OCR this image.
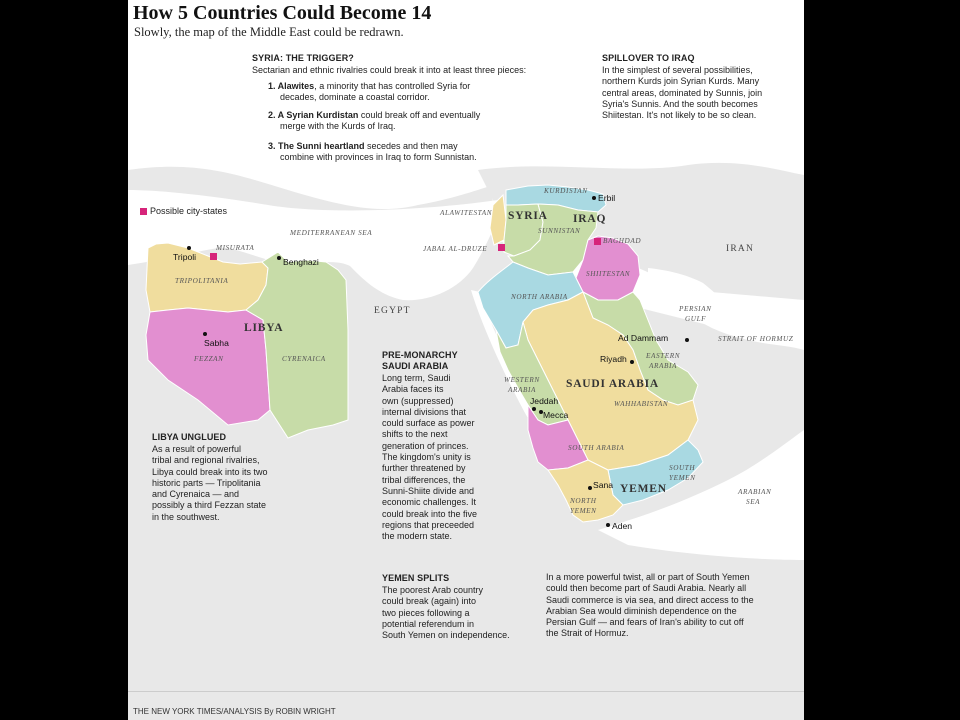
How 5 Countries Could Become 14
Slowly, the map of the Middle East could be redrawn.
SYRIA: THE TRIGGER?
Sectarian and ethnic rivalries could break it into at least three pieces:
1. Alawites, a minority that has controlled Syria for
decades, dominate a coastal corridor.
2. A Syrian Kurdistan could break off and eventually
merge with the Kurds of Iraq.
3. The Sunni heartland secedes and then may
combine with provinces in Iraq to form Sunnistan.
SPILLOVER TO IRAQ
In the simplest of several possibilities,
northern Kurds join Syrian Kurds. Many
central areas, dominated by Sunnis, join
Syria's Sunnis. And the south becomes
Shiitestan. It's not likely to be so clean.
Possible city-states
LIBYA UNGLUED
As a result of powerful
tribal and regional rivalries,
Libya could break into its two
historic parts — Tripolitania
and Cyrenaica — and
possibly a third Fezzan state
in the southwest.
PRE-MONARCHY
SAUDI ARABIA
Long term, Saudi
Arabia faces its
own (suppressed)
internal divisions that
could surface as power
shifts to the next
generation of princes.
The kingdom's unity is
further threatened by
tribal differences, the
Sunni-Shiite divide and
economic challenges. It
could break into the five
regions that preceeded
the modern state.
YEMEN SPLITS
The poorest Arab country
could break (again) into
two pieces following a
potential referendum in
South Yemen on independence.
In a more powerful twist, all or part of South Yemen
could then become part of Saudi Arabia. Nearly all
Saudi commerce is via sea, and direct access to the
Arabian Sea would diminish dependence on the
Persian Gulf — and fears of Iran's ability to cut off
the Strait of Hormuz.
MEDITERRANEAN SEA
EGYPT
IRAN
PERSIAN
GULF
STRAIT OF HORMUZ
ARABIAN
SEA
LIBYA
SYRIA IRAQ
SAUDI ARABIA
YEMEN
TRIPOLITANIA
FEZZAN	CYRENAICA
MISURATA
ALAWITESTAN
JABAL AL-DRUZE
KURDISTAN
SUNNISTAN
BAGHDAD
SHIITESTAN
NORTH ARABIA
EASTERN
ARABIA
WESTERN
ARABIA
WAHHABISTAN
SOUTH ARABIA
SOUTH
YEMEN
NORTH
YEMEN
Tripoli	Benghazi
Sabha
Erbil
Ad Dammam
Riyadh
Jeddah
Mecca
Sana
Aden
THE NEW YORK TIMES/ANALYSIS By ROBIN WRIGHT
